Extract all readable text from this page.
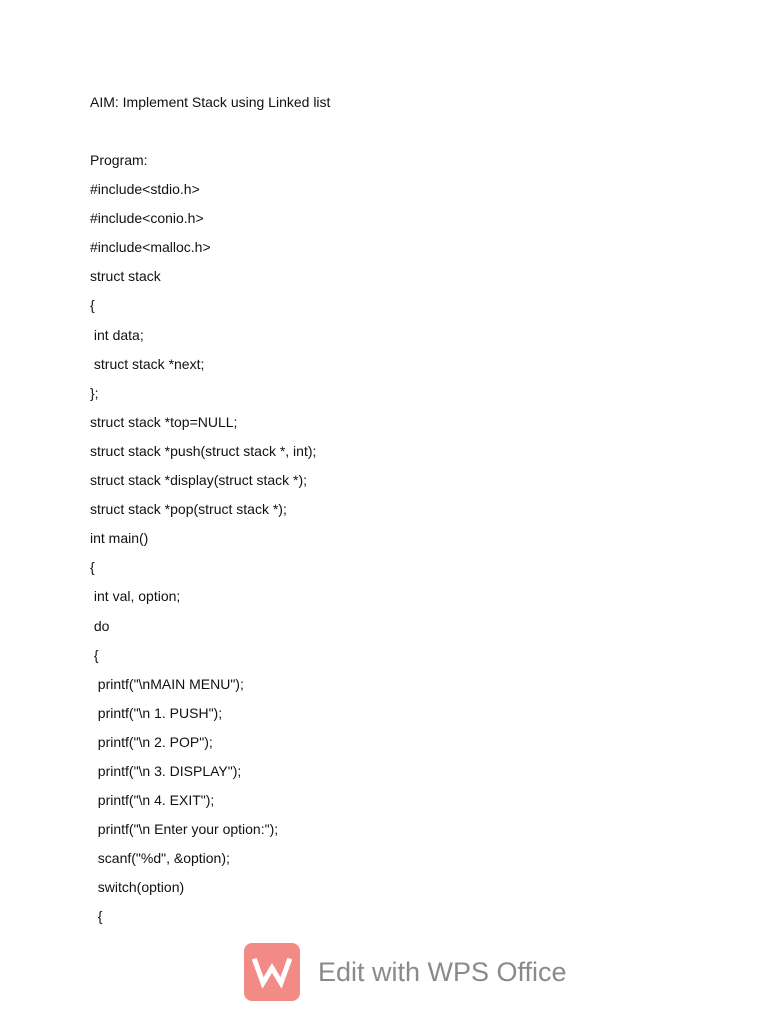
AIM: Implement Stack using Linked list
Program:
#include<stdio.h>
#include<conio.h>
#include<malloc.h>
struct stack
{
int data;
struct stack *next;
};
struct stack *top=NULL;
struct stack *push(struct stack *, int);
struct stack *display(struct stack *);
struct stack *pop(struct stack *);
int main()
{
int val, option;
do
{
printf("\nMAIN MENU");
printf("\n 1. PUSH");
printf("\n 2. POP");
printf("\n 3. DISPLAY");
printf("\n 4. EXIT");
printf("\n Enter your option:");
scanf("%d", &option);
switch(option)
{
Edit with WPS Office
